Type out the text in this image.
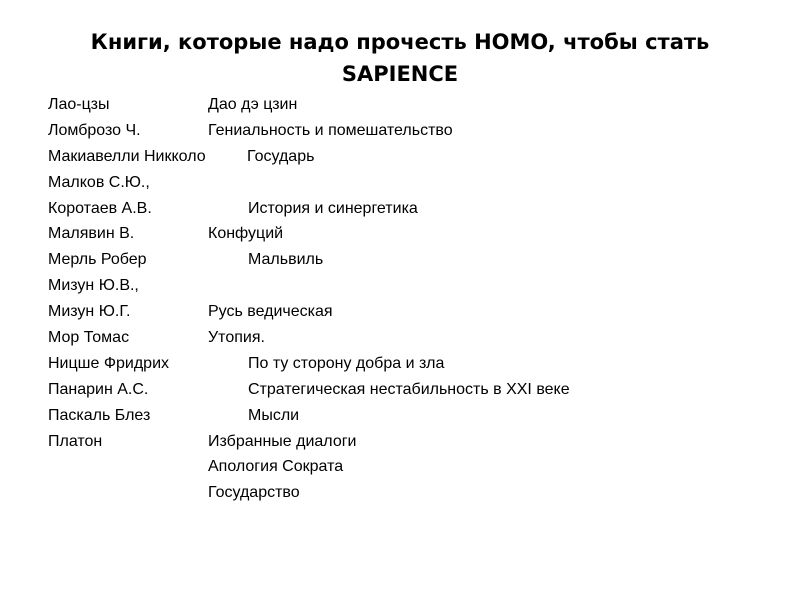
Книги, которые надо прочесть HOMO, чтобы стать
SAPIENCE
Лао-цзы	Дао дэ цзин
Ломброзо Ч.	Гениальность и помешательство
Макиавелли Никколо	Государь
Малков С.Ю.,
Коротаев А.В.	История и синергетика
Малявин В.	Конфуций
Мерль Робер	Мальвиль
Мизун Ю.В.,
Мизун Ю.Г.	Русь ведическая
Мор Томас	Утопия.
Ницше Фридрих	По ту сторону добра и зла
Панарин А.С.	Стратегическая нестабильность в XXI веке
Паскаль Блез	Мысли
Платон	Избранные диалоги
Апология Сократа
Государство
